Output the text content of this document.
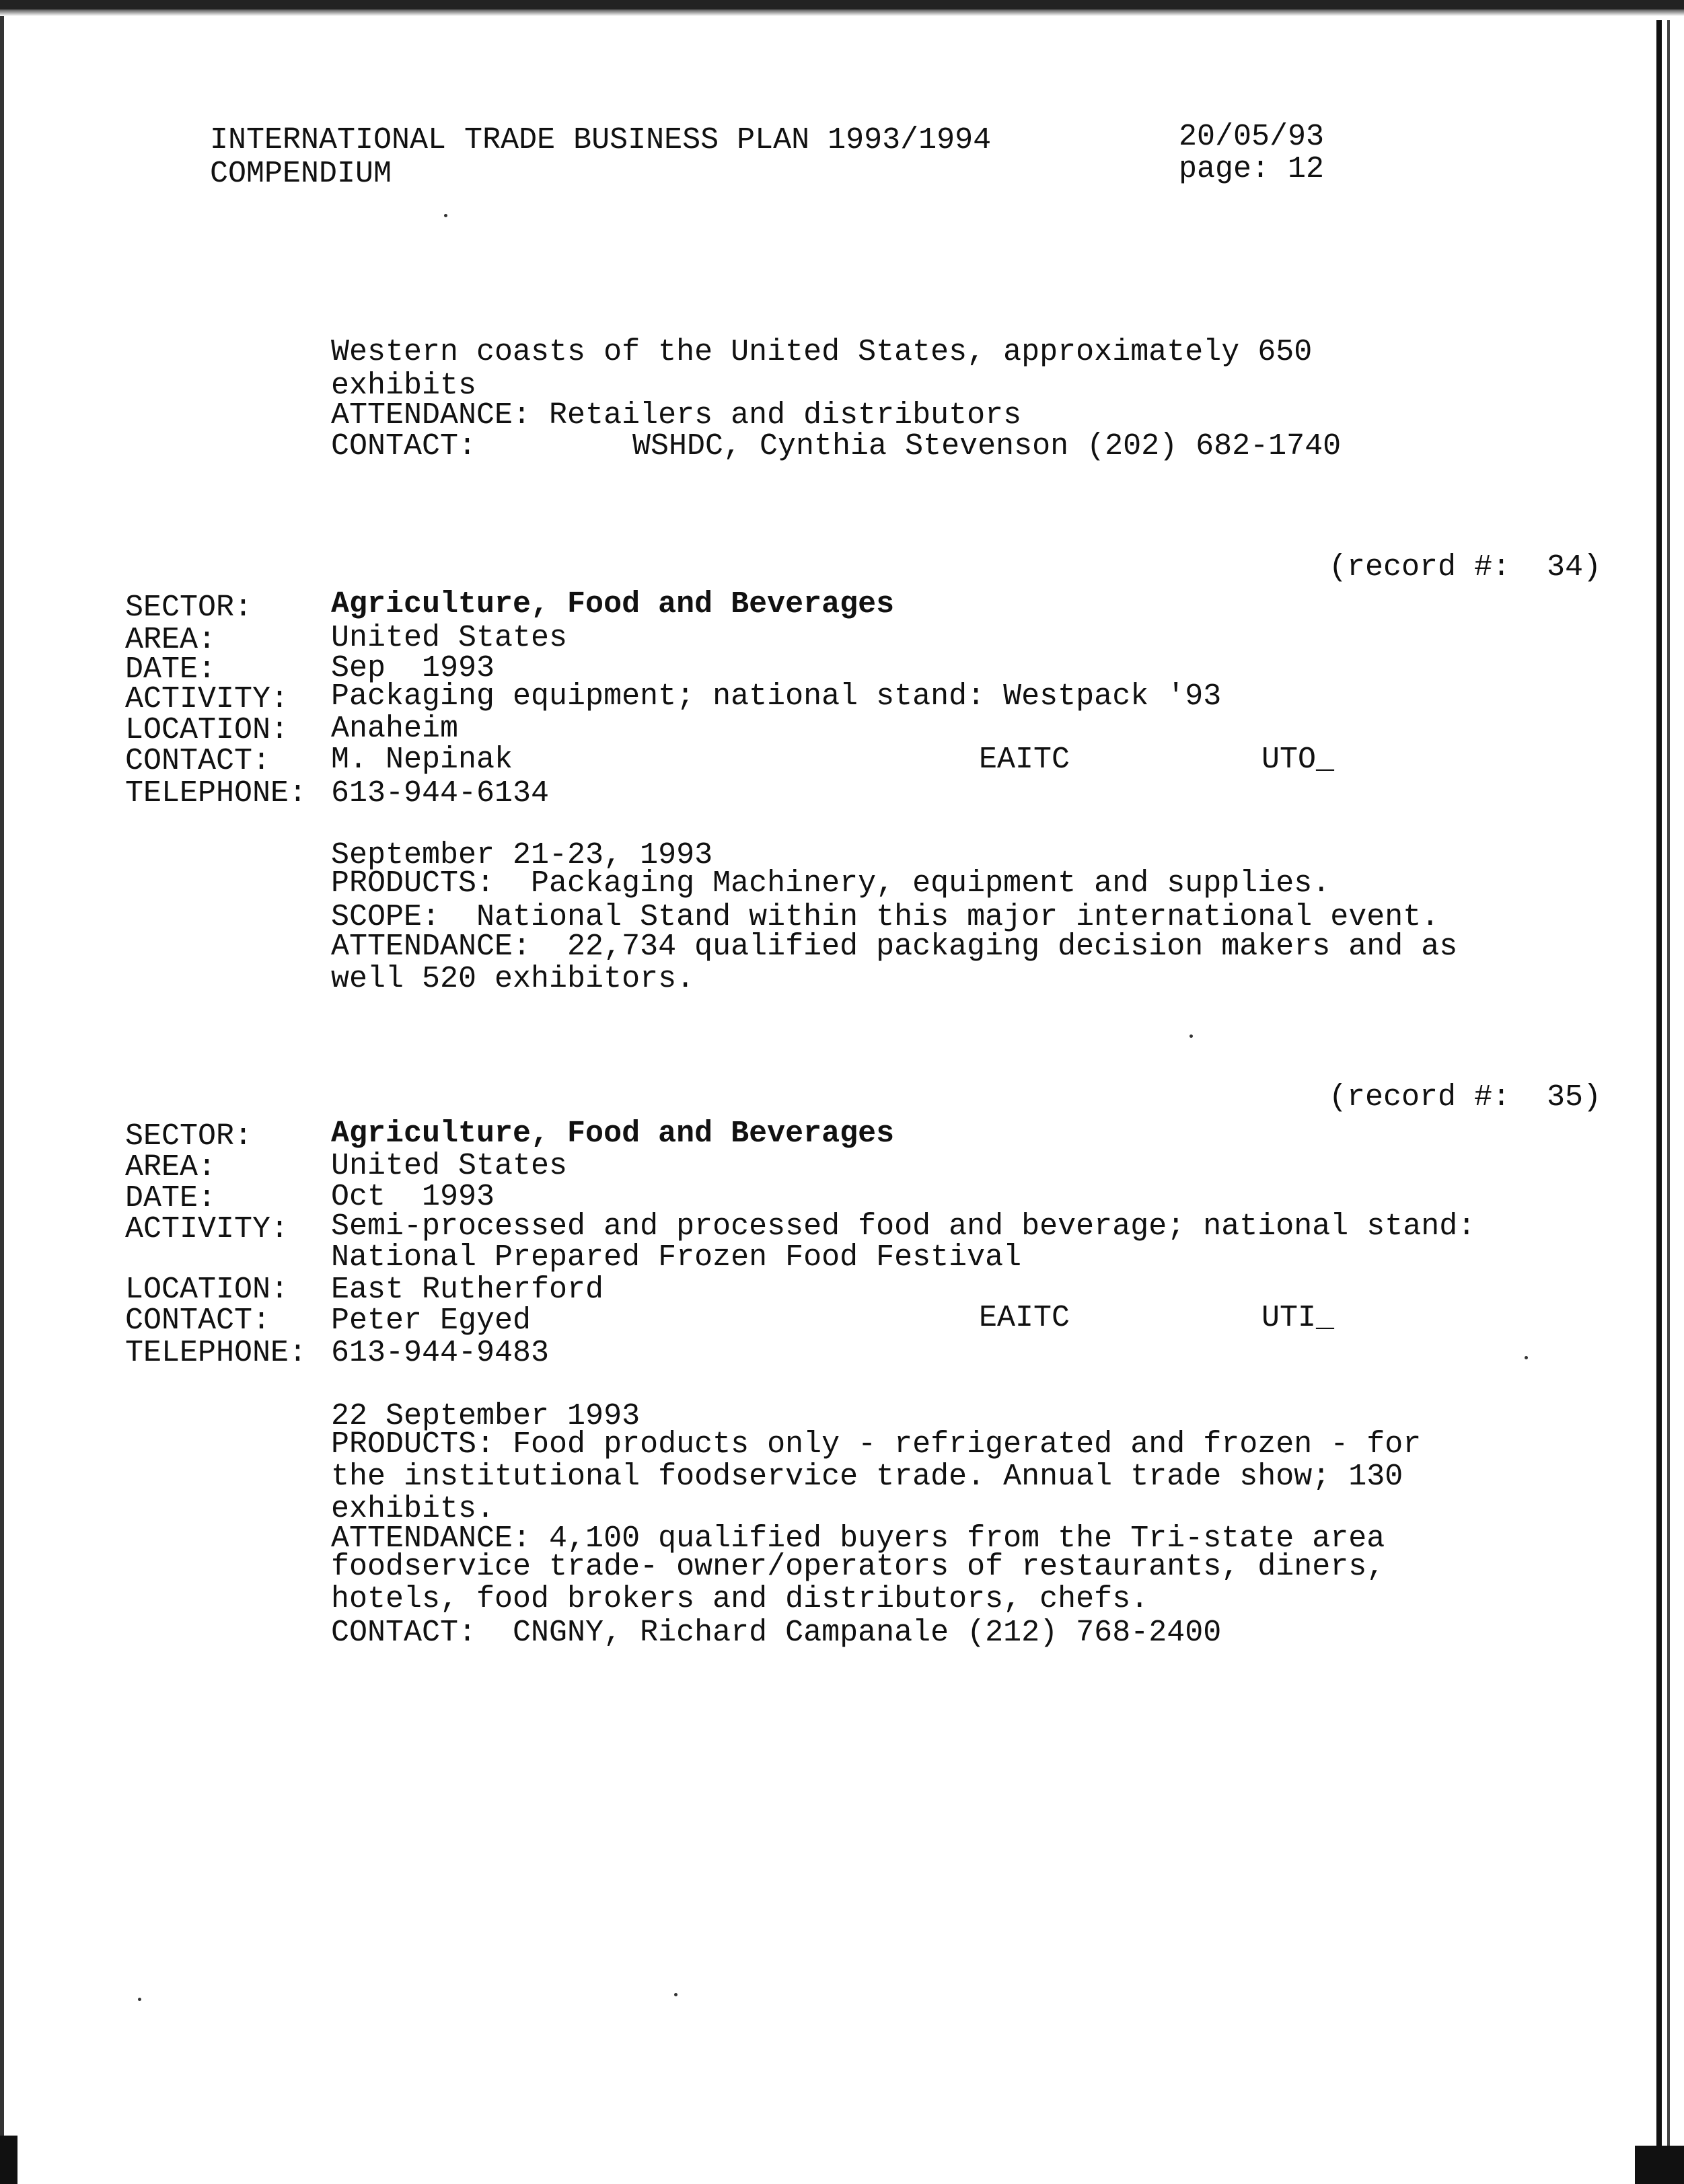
INTERNATIONAL TRADE BUSINESS PLAN 1993/1994
COMPENDIUM
20/05/93
page: 12
Western coasts of the United States, approximately 650
exhibits
ATTENDANCE: Retailers and distributors
CONTACT:	WSHDC, Cynthia Stevenson (202) 682-1740
(record #:  34)
SECTOR:	Agriculture, Food and Beverages
AREA:	United States
DATE:	Sep  1993
ACTIVITY: Packaging equipment; national stand: Westpack '93
LOCATION: Anaheim
CONTACT: M. Nepinak	EAITC	UTO_
TELEPHONE: 613-944-6134
September 21-23, 1993
PRODUCTS:  Packaging Machinery, equipment and supplies.
SCOPE:  National Stand within this major international event.
ATTENDANCE:  22,734 qualified packaging decision makers and as
well 520 exhibitors.
(record #:  35)
SECTOR:	Agriculture, Food and Beverages
AREA:	United States
DATE:	Oct  1993
ACTIVITY: Semi-processed and processed food and beverage; national stand:
National Prepared Frozen Food Festival
LOCATION: East Rutherford
CONTACT: Peter Egyed	EAITC	UTI_
TELEPHONE: 613-944-9483
22 September 1993
PRODUCTS: Food products only - refrigerated and frozen - for
the institutional foodservice trade. Annual trade show; 130
exhibits.
ATTENDANCE: 4,100 qualified buyers from the Tri-state area
foodservice trade- owner/operators of restaurants, diners,
hotels, food brokers and distributors, chefs.
CONTACT:  CNGNY, Richard Campanale (212) 768-2400
